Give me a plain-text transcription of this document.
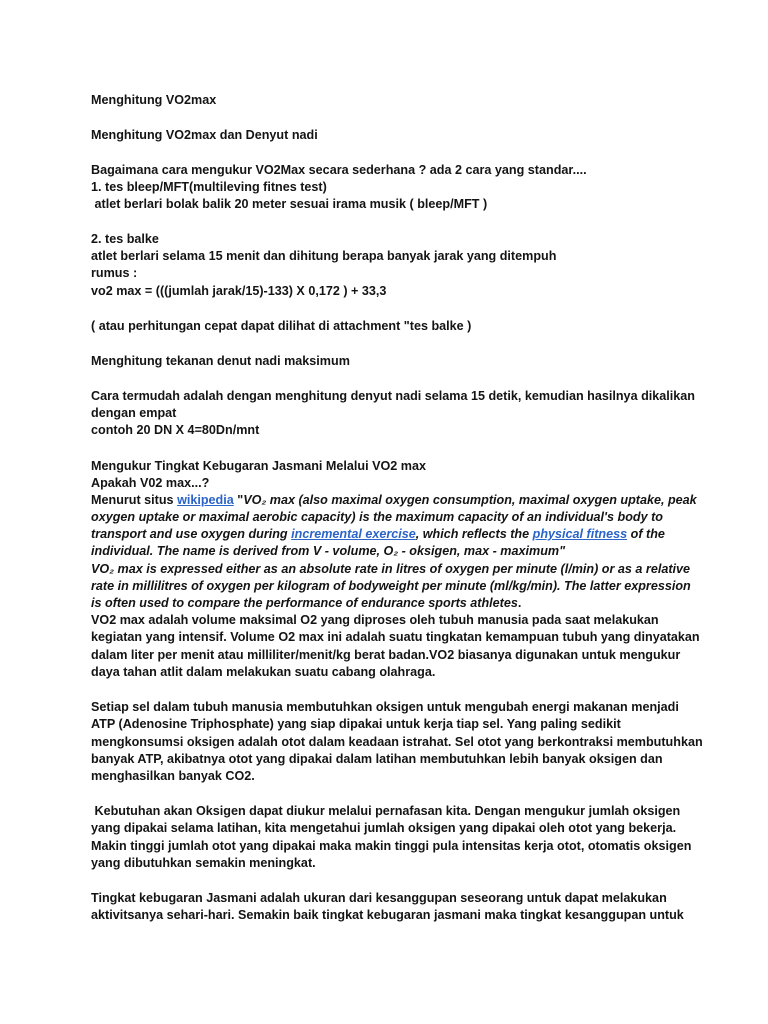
Menghitung VO2max
Menghitung VO2max dan Denyut nadi
Bagaimana cara mengukur VO2Max secara sederhana ? ada 2 cara yang standar....
1. tes bleep/MFT(multileving fitnes test)
atlet berlari bolak balik 20 meter sesuai irama musik ( bleep/MFT )
2. tes balke
atlet berlari selama 15 menit dan dihitung berapa banyak jarak yang ditempuh
rumus :
vo2 max = (((jumlah jarak/15)-133) X 0,172 ) + 33,3
( atau perhitungan cepat dapat dilihat di attachment "tes balke )
Menghitung tekanan denut nadi maksimum
Cara termudah adalah dengan menghitung denyut nadi selama 15 detik, kemudian hasilnya dikalikan
dengan empat
contoh 20 DN X 4=80Dn/mnt
Mengukur Tingkat Kebugaran Jasmani Melalui VO2 max
Apakah V02 max...?
Menurut situs wikipedia "VO₂ max (also maximal oxygen consumption, maximal oxygen uptake, peak
oxygen uptake or maximal aerobic capacity) is the maximum capacity of an individual's body to
transport and use oxygen during incremental exercise, which reflects the physical fitness of the
individual. The name is derived from V - volume, O₂ - oksigen, max - maximum"
VO₂ max is expressed either as an absolute rate in litres of oxygen per minute (l/min) or as a relative
rate in millilitres of oxygen per kilogram of bodyweight per minute (ml/kg/min). The latter expression
is often used to compare the performance of endurance sports athletes.
VO2 max adalah volume maksimal O2 yang diproses oleh tubuh manusia pada saat melakukan
kegiatan yang intensif. Volume O2 max ini adalah suatu tingkatan kemampuan tubuh yang dinyatakan
dalam liter per menit atau milliliter/menit/kg berat badan.VO2 biasanya digunakan untuk mengukur
daya tahan atlit dalam melakukan suatu cabang olahraga.
Setiap sel dalam tubuh manusia membutuhkan oksigen untuk mengubah energi makanan menjadi
ATP (Adenosine Triphosphate) yang siap dipakai untuk kerja tiap sel. Yang paling sedikit
mengkonsumsi oksigen adalah otot dalam keadaan istrahat. Sel otot yang berkontraksi membutuhkan
banyak ATP, akibatnya otot yang dipakai dalam latihan membutuhkan lebih banyak oksigen dan
menghasilkan banyak CO2.
Kebutuhan akan Oksigen dapat diukur melalui pernafasan kita. Dengan mengukur jumlah oksigen
yang dipakai selama latihan, kita mengetahui jumlah oksigen yang dipakai oleh otot yang bekerja.
Makin tinggi jumlah otot yang dipakai maka makin tinggi pula intensitas kerja otot, otomatis oksigen
yang dibutuhkan semakin meningkat.
Tingkat kebugaran Jasmani adalah ukuran dari kesanggupan seseorang untuk dapat melakukan
aktivitsanya sehari-hari. Semakin baik tingkat kebugaran jasmani maka tingkat kesanggupan untuk
